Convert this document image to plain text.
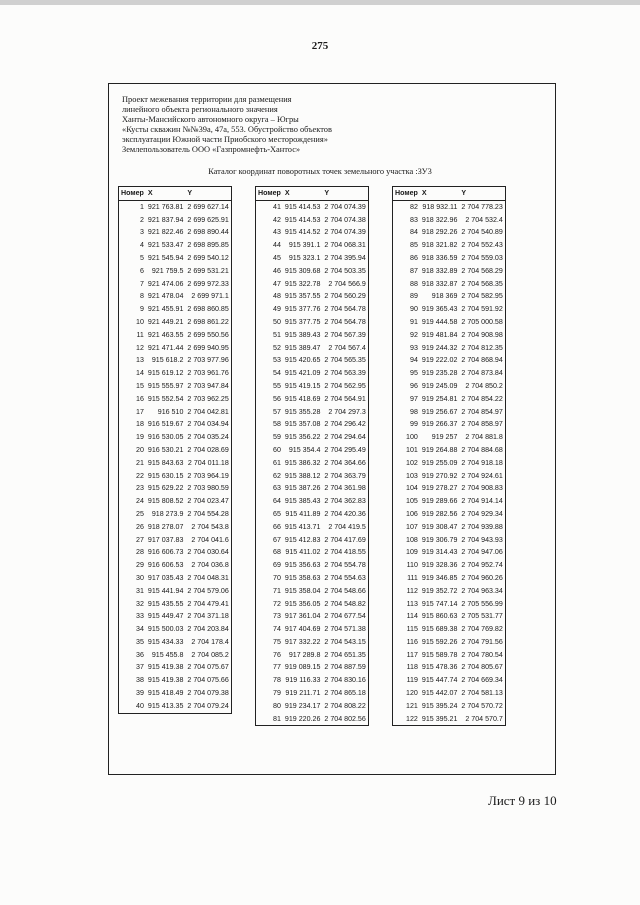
275
Проект межевания территории для размещения
линейного объекта регионального значения
Ханты-Мансийского автономного округа – Югры
«Кусты скважин №№39а, 47а, 553. Обустройство объектов
эксплуатации Южной части Приобского месторождения»
Землепользователь ООО «Газпромнефть-Хантос»
Каталог координат поворотных точек земельного участка :ЗУ3
Номер	X	Y
1	921 763.81	2 699 627.14
2	921 837.94	2 699 625.91
3	921 822.46	2 698 890.44
4	921 533.47	2 698 895.85
5	921 545.94	2 699 540.12
6	921 759.5	2 699 531.21
7	921 474.06	2 699 972.33
8	921 478.04	2 699 971.1
9	921 455.91	2 698 860.85
10	921 449.21	2 698 861.22
11	921 463.55	2 699 550.56
12	921 471.44	2 699 940.95
13	915 618.2	2 703 977.96
14	915 619.12	2 703 961.76
15	915 555.97	2 703 947.84
16	915 552.54	2 703 962.25
17	916 510	2 704 042.81
18	916 519.67	2 704 034.94
19	916 530.05	2 704 035.24
20	916 530.21	2 704 028.69
21	915 843.63	2 704 011.18
22	915 630.15	2 703 964.19
23	915 629.22	2 703 980.59
24	915 808.52	2 704 023.47
25	918 273.9	2 704 554.28
26	918 278.07	2 704 543.8
27	917 037.83	2 704 041.6
28	916 606.73	2 704 030.64
29	916 606.53	2 704 036.8
30	917 035.43	2 704 048.31
31	915 441.94	2 704 579.06
32	915 435.55	2 704 479.41
33	915 449.47	2 704 371.18
34	915 500.03	2 704 203.84
35	915 434.33	2 704 178.4
36	915 455.8	2 704 085.2
37	915 419.38	2 704 075.67
38	915 419.38	2 704 075.66
39	915 418.49	2 704 079.38
40	915 413.35	2 704 079.24
Номер	X	Y
41	915 414.53	2 704 074.39
42	915 414.53	2 704 074.38
43	915 414.52	2 704 074.39
44	915 391.1	2 704 068.31
45	915 323.1	2 704 395.94
46	915 309.68	2 704 503.35
47	915 322.78	2 704 566.9
48	915 357.55	2 704 560.29
49	915 377.76	2 704 564.78
50	915 377.75	2 704 564.78
51	915 389.43	2 704 567.39
52	915 389.47	2 704 567.4
53	915 420.65	2 704 565.35
54	915 421.09	2 704 563.39
55	915 419.15	2 704 562.95
56	915 418.69	2 704 564.91
57	915 355.28	2 704 297.3
58	915 357.08	2 704 296.42
59	915 356.22	2 704 294.64
60	915 354.4	2 704 295.49
61	915 386.32	2 704 364.66
62	915 388.12	2 704 363.79
63	915 387.26	2 704 361.98
64	915 385.43	2 704 362.83
65	915 411.89	2 704 420.36
66	915 413.71	2 704 419.5
67	915 412.83	2 704 417.69
68	915 411.02	2 704 418.55
69	915 356.63	2 704 554.78
70	915 358.63	2 704 554.63
71	915 358.04	2 704 548.66
72	915 356.05	2 704 548.82
73	917 361.04	2 704 677.54
74	917 404.69	2 704 571.38
75	917 332.22	2 704 543.15
76	917 289.8	2 704 651.35
77	919 089.15	2 704 887.59
78	919 116.33	2 704 830.16
79	919 211.71	2 704 865.18
80	919 234.17	2 704 808.22
81	919 220.26	2 704 802.56
Номер	X	Y
82	918 932.11	2 704 778.23
83	918 322.96	2 704 532.4
84	918 292.26	2 704 540.89
85	918 321.82	2 704 552.43
86	918 336.59	2 704 559.03
87	918 332.89	2 704 568.29
88	918 332.87	2 704 568.35
89	918 369	2 704 582.95
90	919 365.43	2 704 591.92
91	919 444.58	2 705 000.58
92	919 481.84	2 704 908.98
93	919 244.32	2 704 812.35
94	919 222.02	2 704 868.94
95	919 235.28	2 704 873.84
96	919 245.09	2 704 850.2
97	919 254.81	2 704 854.22
98	919 256.67	2 704 854.97
99	919 266.37	2 704 858.97
100	919 257	2 704 881.8
101	919 264.88	2 704 884.68
102	919 255.09	2 704 918.18
103	919 270.92	2 704 924.61
104	919 278.27	2 704 908.83
105	919 289.66	2 704 914.14
106	919 282.56	2 704 929.34
107	919 308.47	2 704 939.88
108	919 306.79	2 704 943.93
109	919 314.43	2 704 947.06
110	919 328.36	2 704 952.74
111	919 346.85	2 704 960.26
112	919 352.72	2 704 963.34
113	915 747.14	2 705 556.99
114	915 860.63	2 705 531.77
115	915 689.38	2 704 769.82
116	915 592.26	2 704 791.56
117	915 589.78	2 704 780.54
118	915 478.36	2 704 805.67
119	915 447.74	2 704 669.34
120	915 442.07	2 704 581.13
121	915 395.24	2 704 570.72
122	915 395.21	2 704 570.7
Лист 9 из 10
